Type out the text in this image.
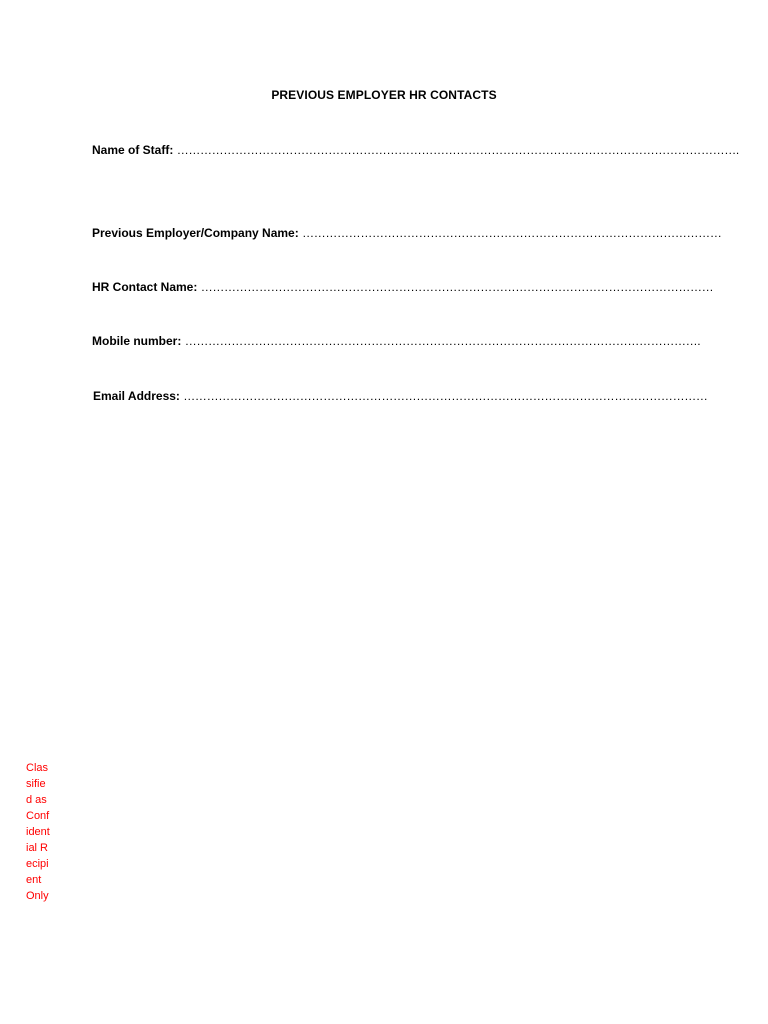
PREVIOUS EMPLOYER HR CONTACTS
Name of Staff: ……………………………………………………………………………………………………………………………….
Previous Employer/Company Name: ………………………………………………………………………………………………
HR Contact Name: ……………………………………………………………………………………………………………………
Mobile number: …………………………………………………………………………………………………………………….
Email Address: ………………………………………………………………………………………………………………………
Classified as Confidential Recipient Only
